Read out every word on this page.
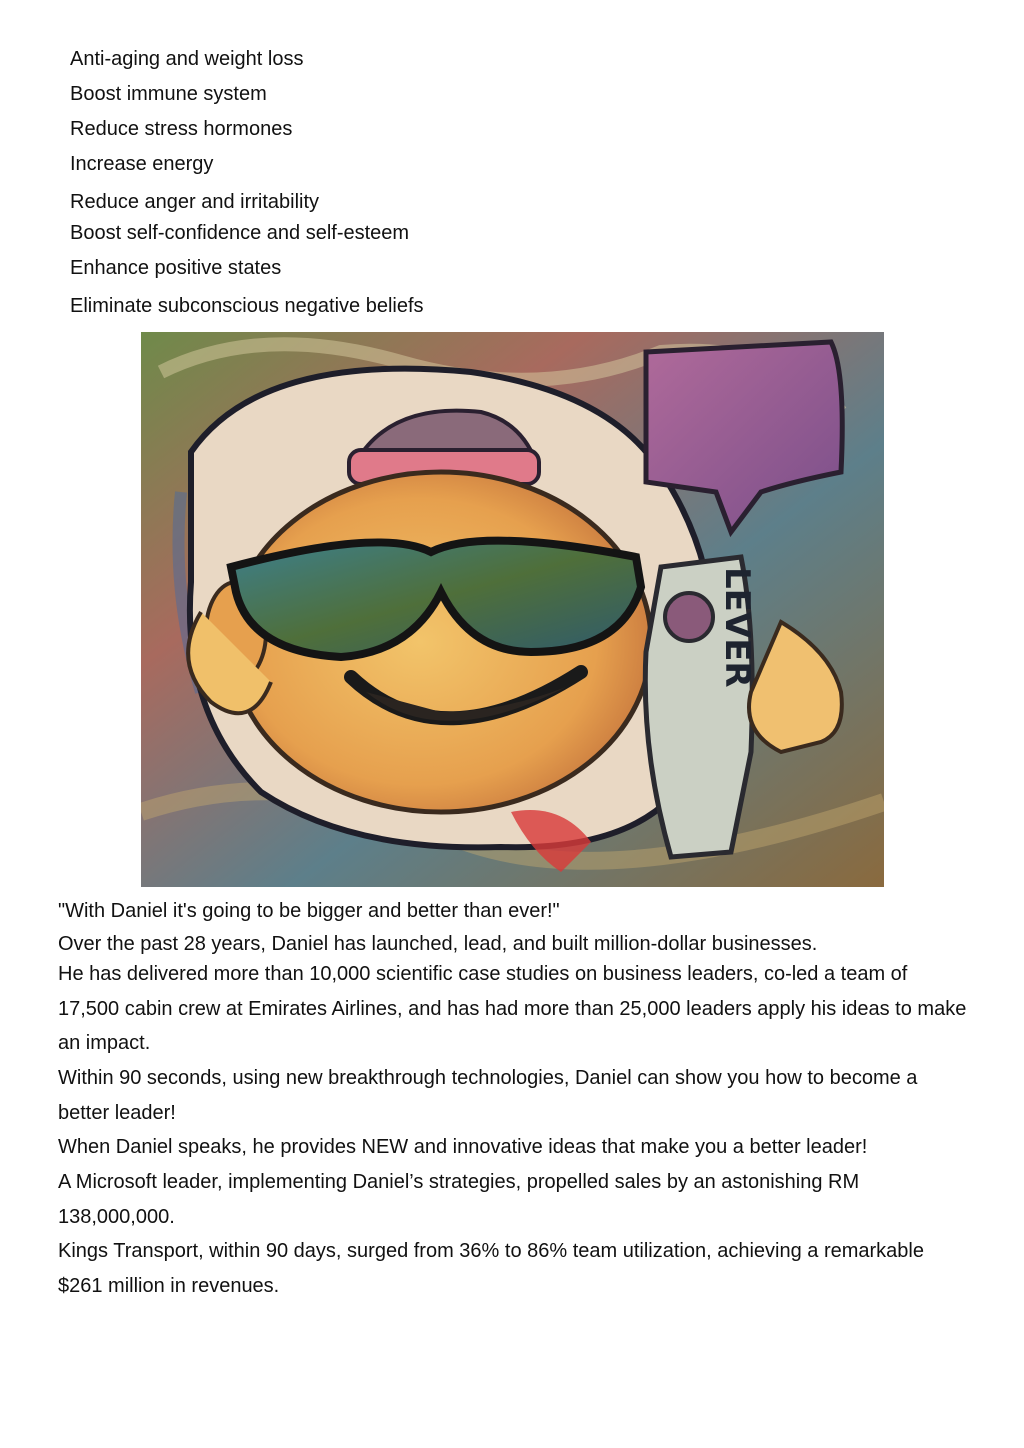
Anti-aging and weight loss
Boost immune system
Reduce stress hormones
Increase energy
Reduce anger and irritability
Boost self-confidence and self-esteem
Enhance positive states
Eliminate subconscious negative beliefs
LEVER
"With Daniel it's going to be bigger and better than ever!"
Over the past 28 years, Daniel has launched, lead, and built million-dollar businesses.
He has delivered more than 10,000 scientific case studies on business leaders, co-led a team of 17,500 cabin crew at Emirates Airlines, and has had more than 25,000 leaders apply his ideas to make an impact.
Within 90 seconds, using new breakthrough technologies, Daniel can show you how to become a better leader!
When Daniel speaks, he provides NEW and innovative ideas that make you a better leader!
A Microsoft leader, implementing Daniel’s strategies, propelled sales by an astonishing RM 138,000,000.
Kings Transport, within 90 days, surged from 36% to 86% team utilization, achieving a remarkable $261 million in revenues.
